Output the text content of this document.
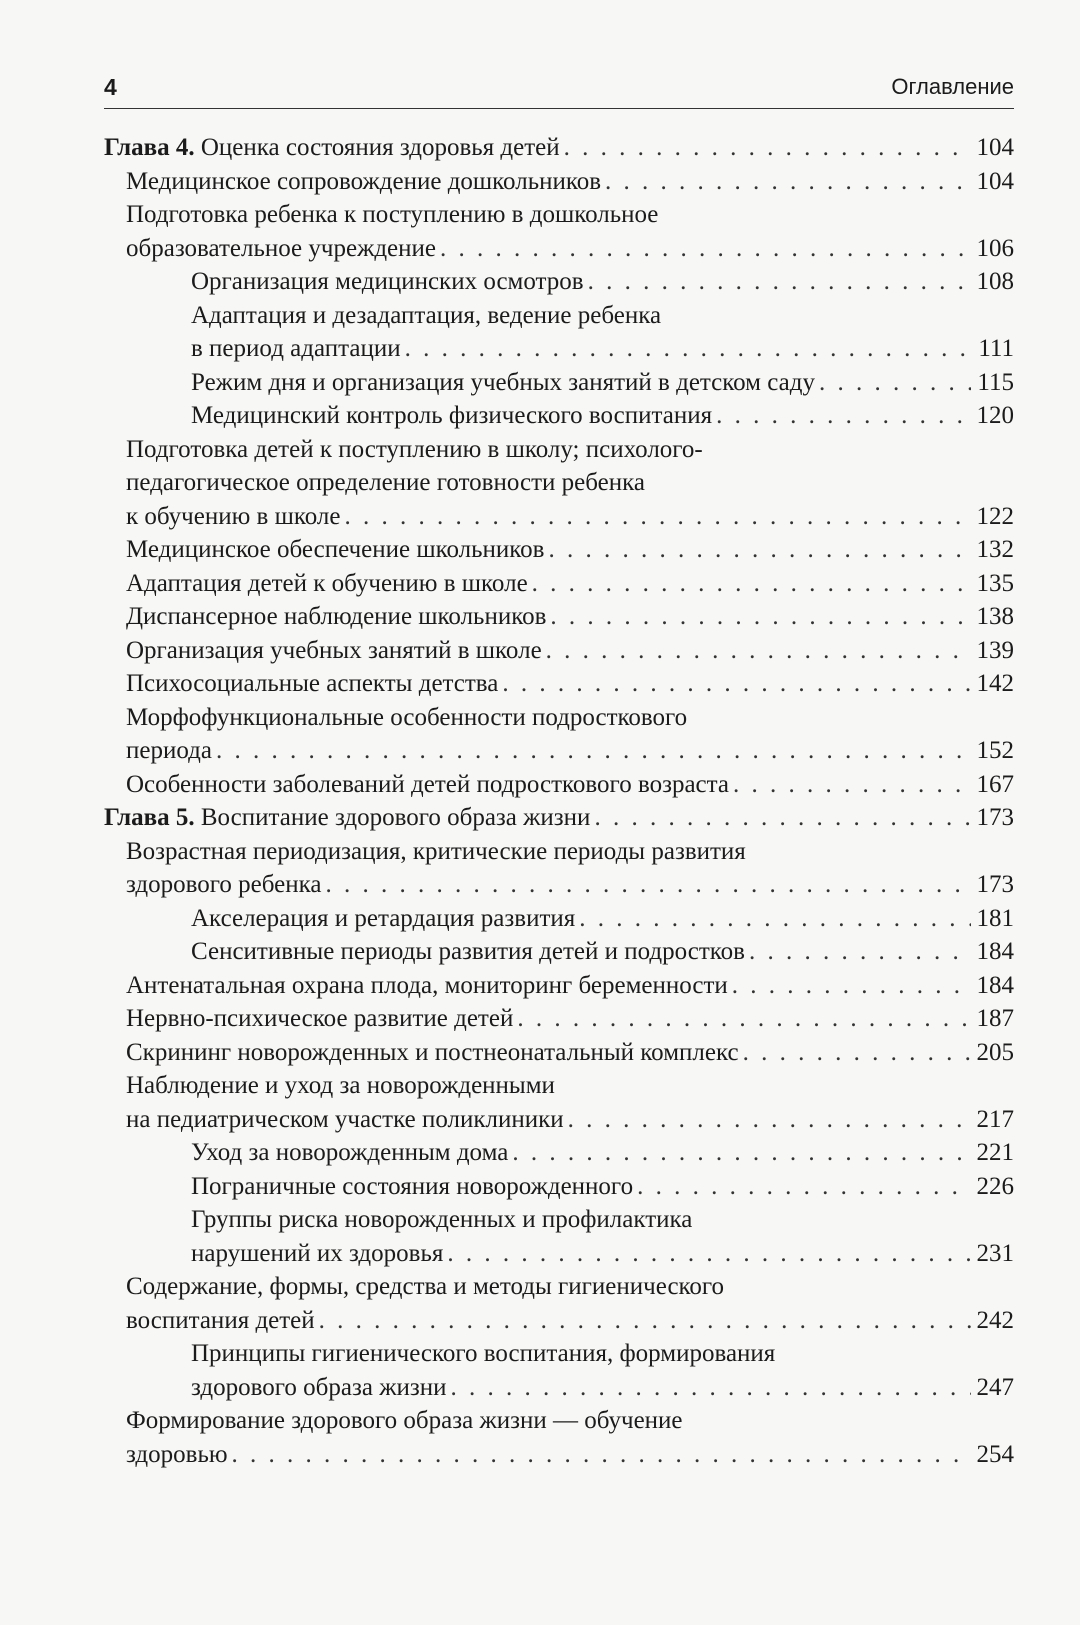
4	Оглавление
Глава 4. Оценка состояния здоровья детей . . .	104
Медицинское сопровождение дошкольников . . .	104
Подготовка ребенка к поступлению в дошкольное
образовательное учреждение . . .	106
Организация медицинских осмотров . . .	108
Адаптация и дезадаптация, ведение ребенка
в период адаптации . . .	111
Режим дня и организация учебных занятий в детском саду . . .	115
Медицинский контроль физического воспитания . . .	120
Подготовка детей к поступлению в школу; психолого-
педагогическое определение готовности ребенка
к обучению в школе . . .	122
Медицинское обеспечение школьников . . .	132
Адаптация детей к обучению в школе . . .	135
Диспансерное наблюдение школьников . . .	138
Организация учебных занятий в школе . . .	139
Психосоциальные аспекты детства . . .	142
Морфофункциональные особенности подросткового
периода . . .	152
Особенности заболеваний детей подросткового возраста . . .	167
Глава 5. Воспитание здорового образа жизни . . .	173
Возрастная периодизация, критические периоды развития
здорового ребенка . . .	173
Акселерация и ретардация развития . . .	181
Сенситивные периоды развития детей и подростков . . .	184
Антенатальная охрана плода, мониторинг беременности . . .	184
Нервно-психическое развитие детей . . .	187
Скрининг новорожденных и постнеонатальный комплекс . . .	205
Наблюдение и уход за новорожденными
на педиатрическом участке поликлиники . . .	217
Уход за новорожденным дома . . .	221
Пограничные состояния новорожденного . . .	226
Группы риска новорожденных и профилактика
нарушений их здоровья . . .	231
Содержание, формы, средства и методы гигиенического
воспитания детей . . .	242
Принципы гигиенического воспитания, формирования
здорового образа жизни . . .	247
Формирование здорового образа жизни — обучение
здоровью . . .	254
